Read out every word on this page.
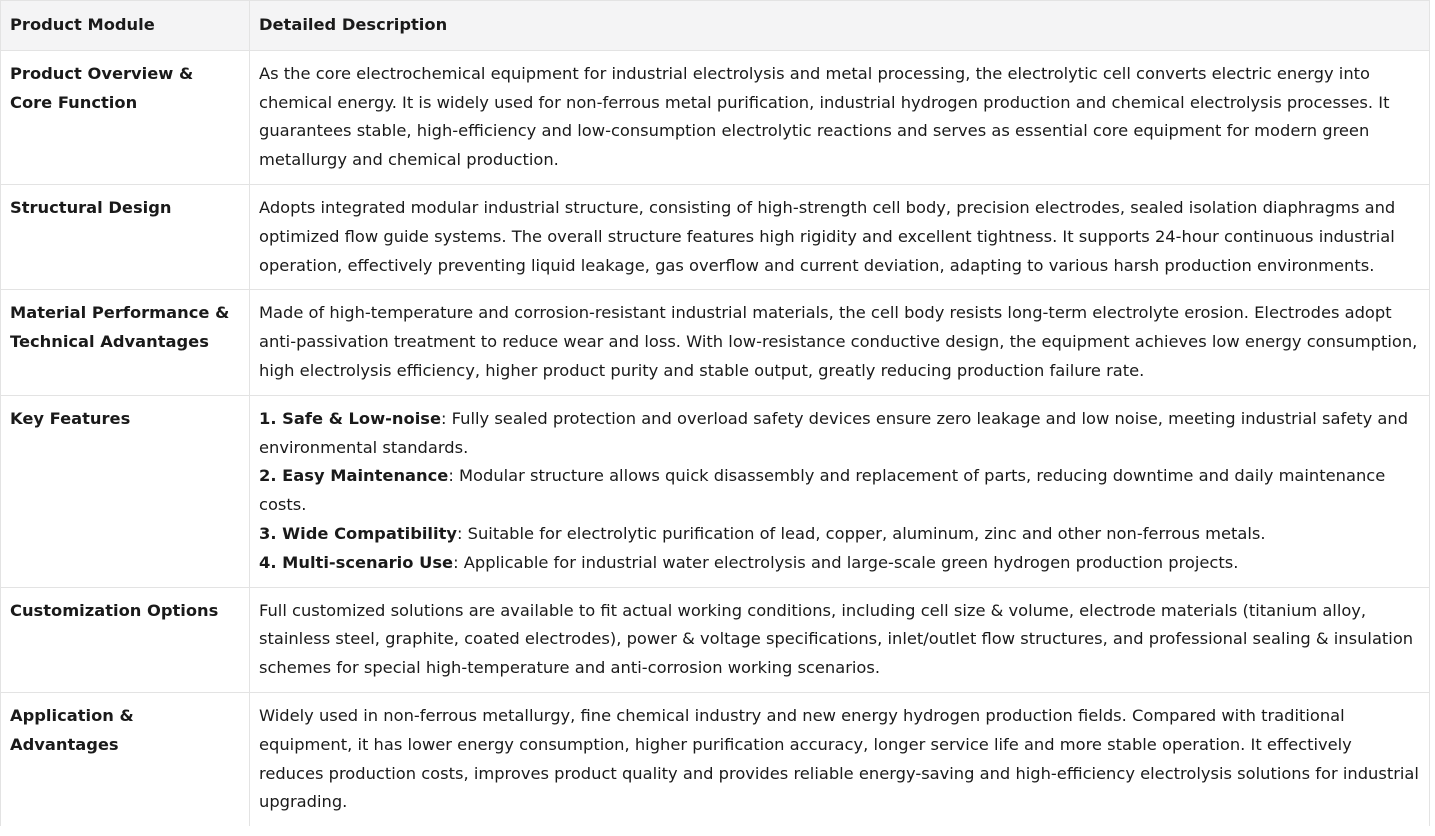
Product Module	Detailed Description
Product Overview & Core Function	As the core electrochemical equipment for industrial electrolysis and metal processing, the electrolytic cell converts electric energy into chemical energy. It is widely used for non-ferrous metal purification, industrial hydrogen production and chemical electrolysis processes. It guarantees stable, high-efficiency and low-consumption electrolytic reactions and serves as essential core equipment for modern green metallurgy and chemical production.
Structural Design	Adopts integrated modular industrial structure, consisting of high-strength cell body, precision electrodes, sealed isolation diaphragms and optimized flow guide systems. The overall structure features high rigidity and excellent tightness. It supports 24-hour continuous industrial operation, effectively preventing liquid leakage, gas overflow and current deviation, adapting to various harsh production environments.
Material Performance & Technical Advantages	Made of high-temperature and corrosion-resistant industrial materials, the cell body resists long-term electrolyte erosion. Electrodes adopt anti-passivation treatment to reduce wear and loss. With low-resistance conductive design, the equipment achieves low energy consumption, high electrolysis efficiency, higher product purity and stable output, greatly reducing production failure rate.
Key Features	1. Safe & Low-noise: Fully sealed protection and overload safety devices ensure zero leakage and low noise, meeting industrial safety and environmental standards.
2. Easy Maintenance: Modular structure allows quick disassembly and replacement of parts, reducing downtime and daily maintenance costs.
3. Wide Compatibility: Suitable for electrolytic purification of lead, copper, aluminum, zinc and other non-ferrous metals.
4. Multi-scenario Use: Applicable for industrial water electrolysis and large-scale green hydrogen production projects.

Customization Options	Full customized solutions are available to fit actual working conditions, including cell size & volume, electrode materials (titanium alloy, stainless steel, graphite, coated electrodes), power & voltage specifications, inlet/outlet flow structures, and professional sealing & insulation schemes for special high-temperature and anti-corrosion working scenarios.
Application & Advantages	Widely used in non-ferrous metallurgy, fine chemical industry and new energy hydrogen production fields. Compared with traditional equipment, it has lower energy consumption, higher purification accuracy, longer service life and more stable operation. It effectively reduces production costs, improves product quality and provides reliable energy-saving and high-efficiency electrolysis solutions for industrial upgrading.
